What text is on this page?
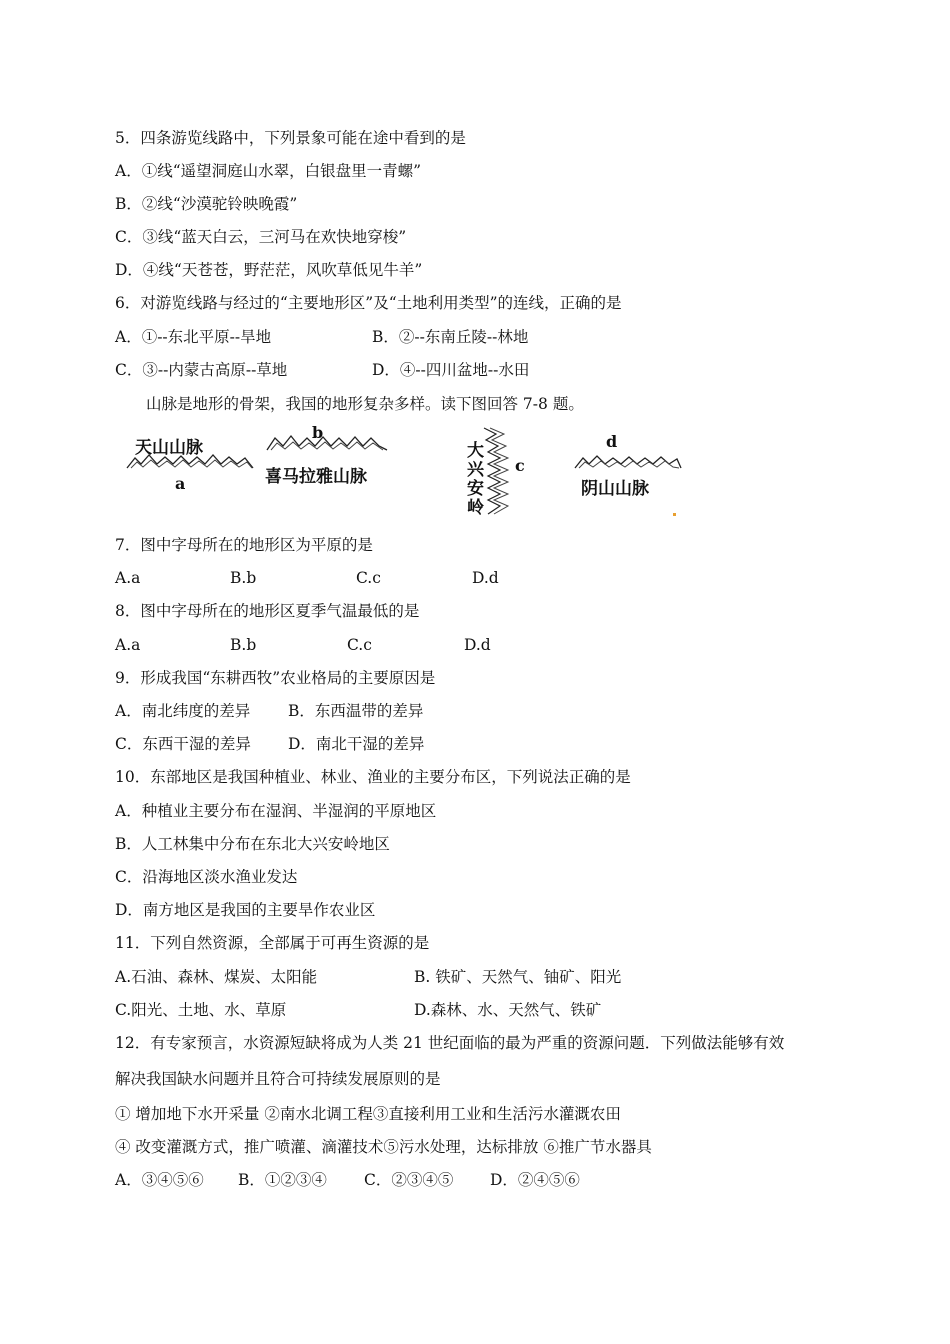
5．四条游览线路中，下列景象可能在途中看到的是
A．①线“遥望洞庭山水翠，白银盘里一青螺”
B．②线“沙漠驼铃映晚霞”
C．③线“蓝天白云，三河马在欢快地穿梭”
D．④线“天苍苍，野茫茫，风吹草低见牛羊”
6．对游览线路与经过的“主要地形区”及“土地利用类型”的连线，正确的是
A．①--东北平原--旱地	B．②--东南丘陵--林地
C．③--内蒙古高原--草地	D．④--四川盆地--水田
山脉是地形的骨架，我国的地形复杂多样。读下图回答 7-8 题。
天山山脉
a
b
喜马拉雅山脉
大兴安岭
c
d
阴山山脉
7．图中字母所在的地形区为平原的是
A.a	B.b	C.c	D.d
8．图中字母所在的地形区夏季气温最低的是
A.a	B.b	C.c	D.d
9．形成我国“东耕西牧”农业格局的主要原因是
A．南北纬度的差异 B．东西温带的差异
C．东西干湿的差异 D．南北干湿的差异
10．东部地区是我国种植业、林业、渔业的主要分布区，下列说法正确的是
A．种植业主要分布在湿润、半湿润的平原地区
B．人工林集中分布在东北大兴安岭地区
C．沿海地区淡水渔业发达
D．南方地区是我国的主要旱作农业区
11．下列自然资源，全部属于可再生资源的是
A.石油、森林、煤炭、太阳能	B. 铁矿、天然气、铀矿、阳光
C.阳光、土地、水、草原	D.森林、水、天然气、铁矿
12．有专家预言，水资源短缺将成为人类 21 世纪面临的最为严重的资源问题．下列做法能够有效
解决我国缺水问题并且符合可持续发展原则的是
① 增加地下水开采量 ②南水北调工程③直接利用工业和生活污水灌溉农田
④ 改变灌溉方式，推广喷灌、滴灌技术⑤污水处理，达标排放 ⑥推广节水器具
A．③④⑤⑥ B．①②③④ C．②③④⑤ D．②④⑤⑥
